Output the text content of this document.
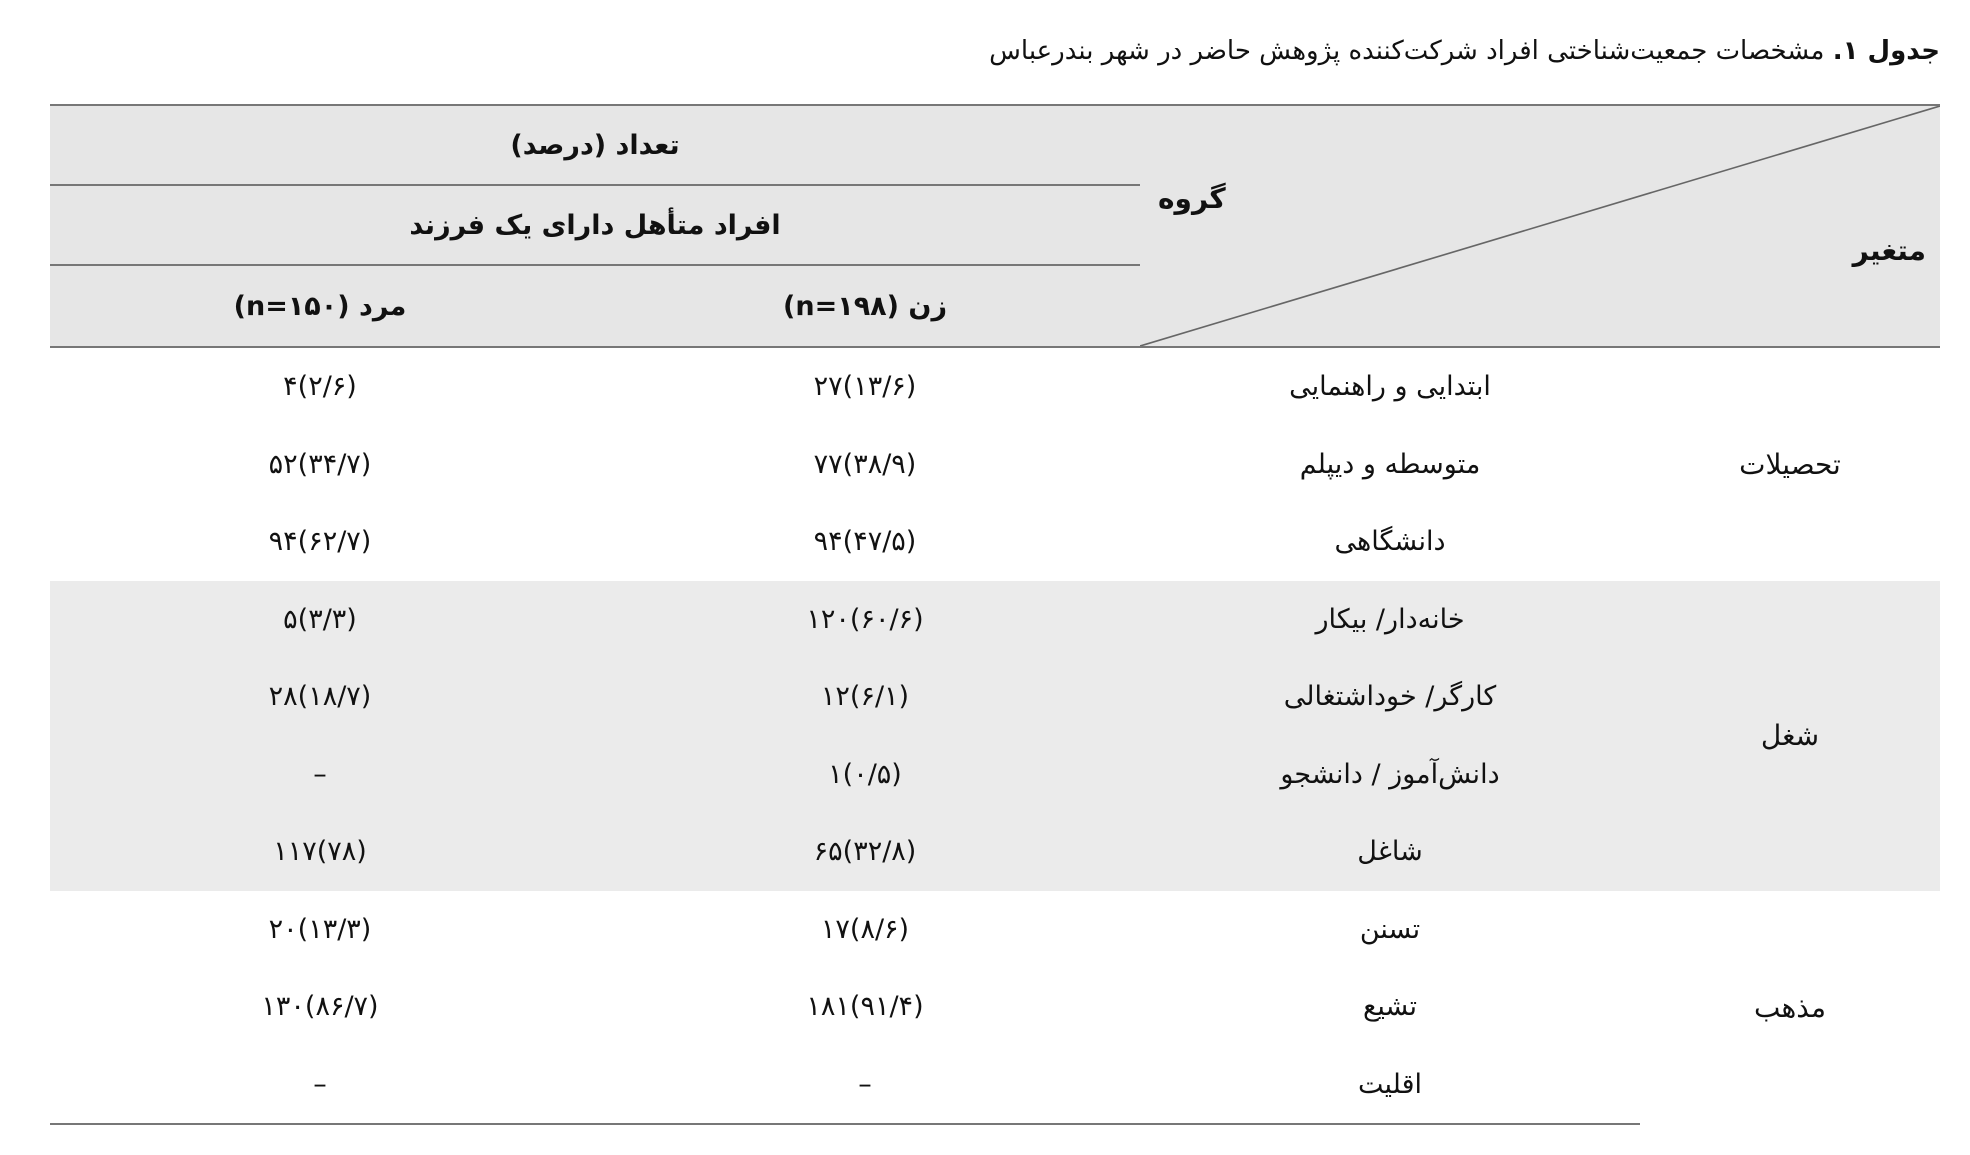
جدول ۱. مشخصات جمعیت‌شناختی افراد شرکت‌کننده پژوهش حاضر در شهر بندرعباس
متغیر
گروه		تعداد (درصد)	
		افراد متأهل دارای یک فرزند	
		زن (n=۱۹۸)	مرد (n=۱۵۰)
تحصیلات	ابتدایی و راهنمایی	۲۷(۱۳/۶)	۴(۲/۶)
	متوسطه و دیپلم	۷۷(۳۸/۹)	۵۲(۳۴/۷)
	دانشگاهی	۹۴(۴۷/۵)	۹۴(۶۲/۷)
شغل	خانه‌دار/ بیکار	۱۲۰(۶۰/۶)	۵(۳/۳)
	کارگر/ خوداشتغالی	۱۲(۶/۱)	۲۸(۱۸/۷)
	دانش‌آموز / دانشجو	۱(۰/۵)	–
	شاغل	۶۵(۳۲/۸)	۱۱۷(۷۸)
مذهب	تسنن	۱۷(۸/۶)	۲۰(۱۳/۳)
	تشیع	۱۸۱(۹۱/۴)	۱۳۰(۸۶/۷)
	اقلیت	–	–
